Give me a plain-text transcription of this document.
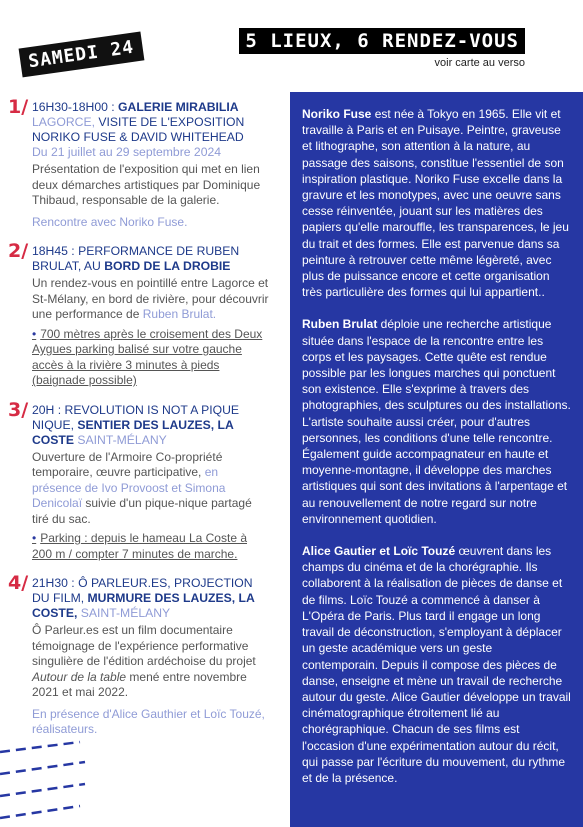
SAMEDI 24	5 LIEUX, 6 RENDEZ-VOUS
voir carte au verso
1/ 16H30-18H00 : GALERIE MIRABILIA
LAGORCE, VISITE DE L'EXPOSITION NORIKO FUSE & DAVID WHITEHEAD
Du 21 juillet au 29 septembre 2024
Présentation de l'exposition qui met en lien deux démarches artistiques par Dominique Thibaud, responsable de la galerie.
Rencontre avec Noriko Fuse.
2/ 18H45 : PERFORMANCE DE RUBEN BRULAT, AU BORD DE LA DROBIE
Un rendez-vous en pointillé entre Lagorce et St-Mélany, en bord de rivière, pour découvrir une performance de Ruben Brulat.
• 700 mètres après le croisement des Deux Aygues parking balisé sur votre gauche accès à la rivière 3 minutes à pieds (baignade possible)
3/ 20H : REVOLUTION IS NOT A PIQUE NIQUE, SENTIER DES LAUZES, LA COSTE SAINT-MÉLANY
Ouverture de l'Armoire Co-propriété temporaire, œuvre participative, en présence de Ivo Provoost et Simona Denicolaï suivie d'un pique-nique partagé tiré du sac.
• Parking : depuis le hameau La Coste à 200 m / compter 7 minutes de marche.
4/ 21H30 : Ô PARLEUR.ES, PROJECTION DU FILM, MURMURE DES LAUZES, LA COSTE, SAINT-MÉLANY
Ô Parleur.es est un film documentaire témoignage de l'expérience performative singulière de l'édition ardéchoise du projet Autour de la table mené entre novembre 2021 et mai 2022.
En présence d'Alice Gauthier et Loïc Touzé, réalisateurs.

Noriko Fuse est née à Tokyo en 1965. Elle vit et travaille à Paris et en Puisaye. Peintre, graveuse et lithographe, son attention à la nature, au passage des saisons, constitue l'essentiel de son inspiration plastique. Noriko Fuse excelle dans la gravure et les monotypes, avec une oeuvre sans cesse réinventée, jouant sur les matières des papiers qu'elle marouffle, les transparences, le jeu du trait et des formes. Elle est parvenue dans sa peinture à retrouver cette même légèreté, avec plus de puissance encore et cette organisation très particulière des formes qui lui appartient..

Ruben Brulat déploie une recherche artistique située dans l'espace de la rencontre entre les corps et les paysages. Cette quête est rendue possible par les longues marches qui ponctuent son existence. Elle s'exprime à travers des photographies, des sculptures ou des installations. L'artiste souhaite aussi créer, pour d'autres personnes, les conditions d'une telle rencontre. Également guide accompagnateur en haute et moyenne-montagne, il développe des marches artistiques qui sont des invitations à l'arpentage et au renouvellement de notre regard sur notre environnement quotidien.

Alice Gautier et Loïc Touzé œuvrent dans les champs du cinéma et de la chorégraphie. Ils collaborent à la réalisation de pièces de danse et de films. Loïc Touzé a commencé à danser à L'Opéra de Paris. Plus tard il engage un long travail de déconstruction, s'employant à déplacer un geste académique vers un geste contemporain. Depuis il compose des pièces de danse, enseigne et mène un travail de recherche autour du geste. Alice Gautier développe un travail cinématographique étroitement lié au chorégraphique. Chacun de ses films est l'occasion d'une expérimentation autour du récit, qui passe par l'écriture du mouvement, du rythme et de la présence.
